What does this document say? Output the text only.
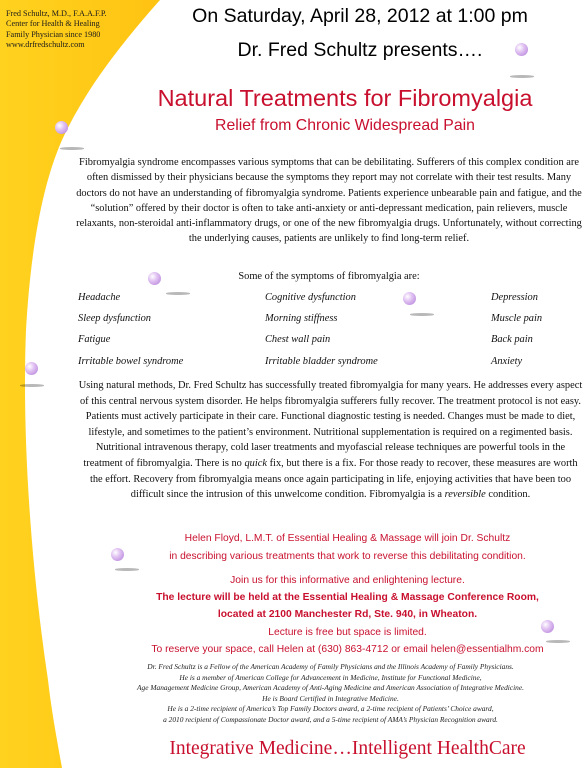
Fred Schultz, M.D., F.A.A.F.P.
Center for Health & Healing
Family Physician since 1980
www.drfredschultz.com
On Saturday, April 28, 2012 at 1:00 pm
Dr. Fred Schultz presents….
Natural Treatments for Fibromyalgia
Relief from Chronic Widespread Pain

Fibromyalgia syndrome encompasses various symptoms that can be debilitating. Sufferers of this complex condition are often dismissed by their physicians because the symptoms they report may not correlate with their test results. Many doctors do not have an understanding of fibromyalgia syndrome. Patients experience unbearable pain and fatigue, and the “solution” offered by their doctor is often to take anti-anxiety or anti-depressant medication, pain relievers, muscle relaxants, non-steroidal anti-inflammatory drugs, or one of the new fibromyalgia drugs. Unfortunately, without correcting the underlying causes, patients are unlikely to find long-term relief.

Some of the symptoms of fibromyalgia are:
Headache	Cognitive dysfunction	Depression
Sleep dysfunction	Morning stiffness	Muscle pain
Fatigue	Chest wall pain	Back pain
Irritable bowel syndrome	Irritable bladder syndrome	Anxiety

Using natural methods, Dr. Fred Schultz has successfully treated fibromyalgia for many years. He addresses every aspect of this central nervous system disorder. He helps fibromyalgia sufferers fully recover. The treatment protocol is not easy. Patients must actively participate in their care. Functional diagnostic testing is needed. Changes must be made to diet, lifestyle, and sometimes to the patient’s environment. Nutritional supplementation is required on a regimented basis. Nutritional intravenous therapy, cold laser treatments and myofascial release techniques are powerful tools in the treatment of fibromyalgia. There is no quick fix, but there is a fix. For those ready to recover, these measures are worth the effort. Recovery from fibromyalgia means once again participating in life, enjoying activities that have been too difficult since the intrusion of this unwelcome condition. Fibromyalgia is a reversible condition.

Helen Floyd, L.M.T. of Essential Healing & Massage will join Dr. Schultz
in describing various treatments that work to reverse this debilitating condition.
Join us for this informative and enlightening lecture.
The lecture will be held at the Essential Healing & Massage Conference Room,
located at 2100 Manchester Rd, Ste. 940, in Wheaton.
Lecture is free but space is limited.
To reserve your space, call Helen at (630) 863-4712 or email helen@essentialhm.com
Dr. Fred Schultz is a Fellow of the American Academy of Family Physicians and the Illinois Academy of Family Physicians.
He is a member of American College for Advancement in Medicine, Institute for Functional Medicine,
Age Management Medicine Group, American Academy of Anti-Aging Medicine and American Association of Integrative Medicine.
He is Board Certified in Integrative Medicine.
He is a 2-time recipient of America’s Top Family Doctors award, a 2-time recipient of Patients’ Choice award,
a 2010 recipient of Compassionate Doctor award, and a 5-time recipient of AMA’s Physician Recognition award.
Integrative Medicine…Intelligent HealthCare
